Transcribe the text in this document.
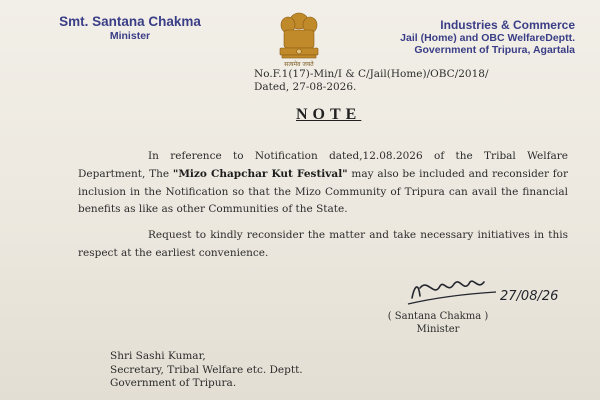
Smt. Santana Chakma
Minister
सत्यमेव जयते
Industries & Commerce
Jail (Home) and OBC WelfareDeptt.
Government of Tripura, Agartala
No.F.1(17)-Min/I & C/Jail(Home)/OBC/2018/
Dated, 27-08-2026.
NOTE

In reference to Notification dated,12.08.2026 of the Tribal Welfare Department, The "Mizo Chapchar Kut Festival" may also be included and reconsider for inclusion in the Notification so that the Mizo Community of Tripura can avail the financial benefits as like as other Communities of the State.

Request to kindly reconsider the matter and take necessary initiatives in this respect at the earliest convenience.

27/08/26
( Santana Chakma )
Minister
Shri Sashi Kumar,
Secretary, Tribal Welfare etc. Deptt.
Government of Tripura.
